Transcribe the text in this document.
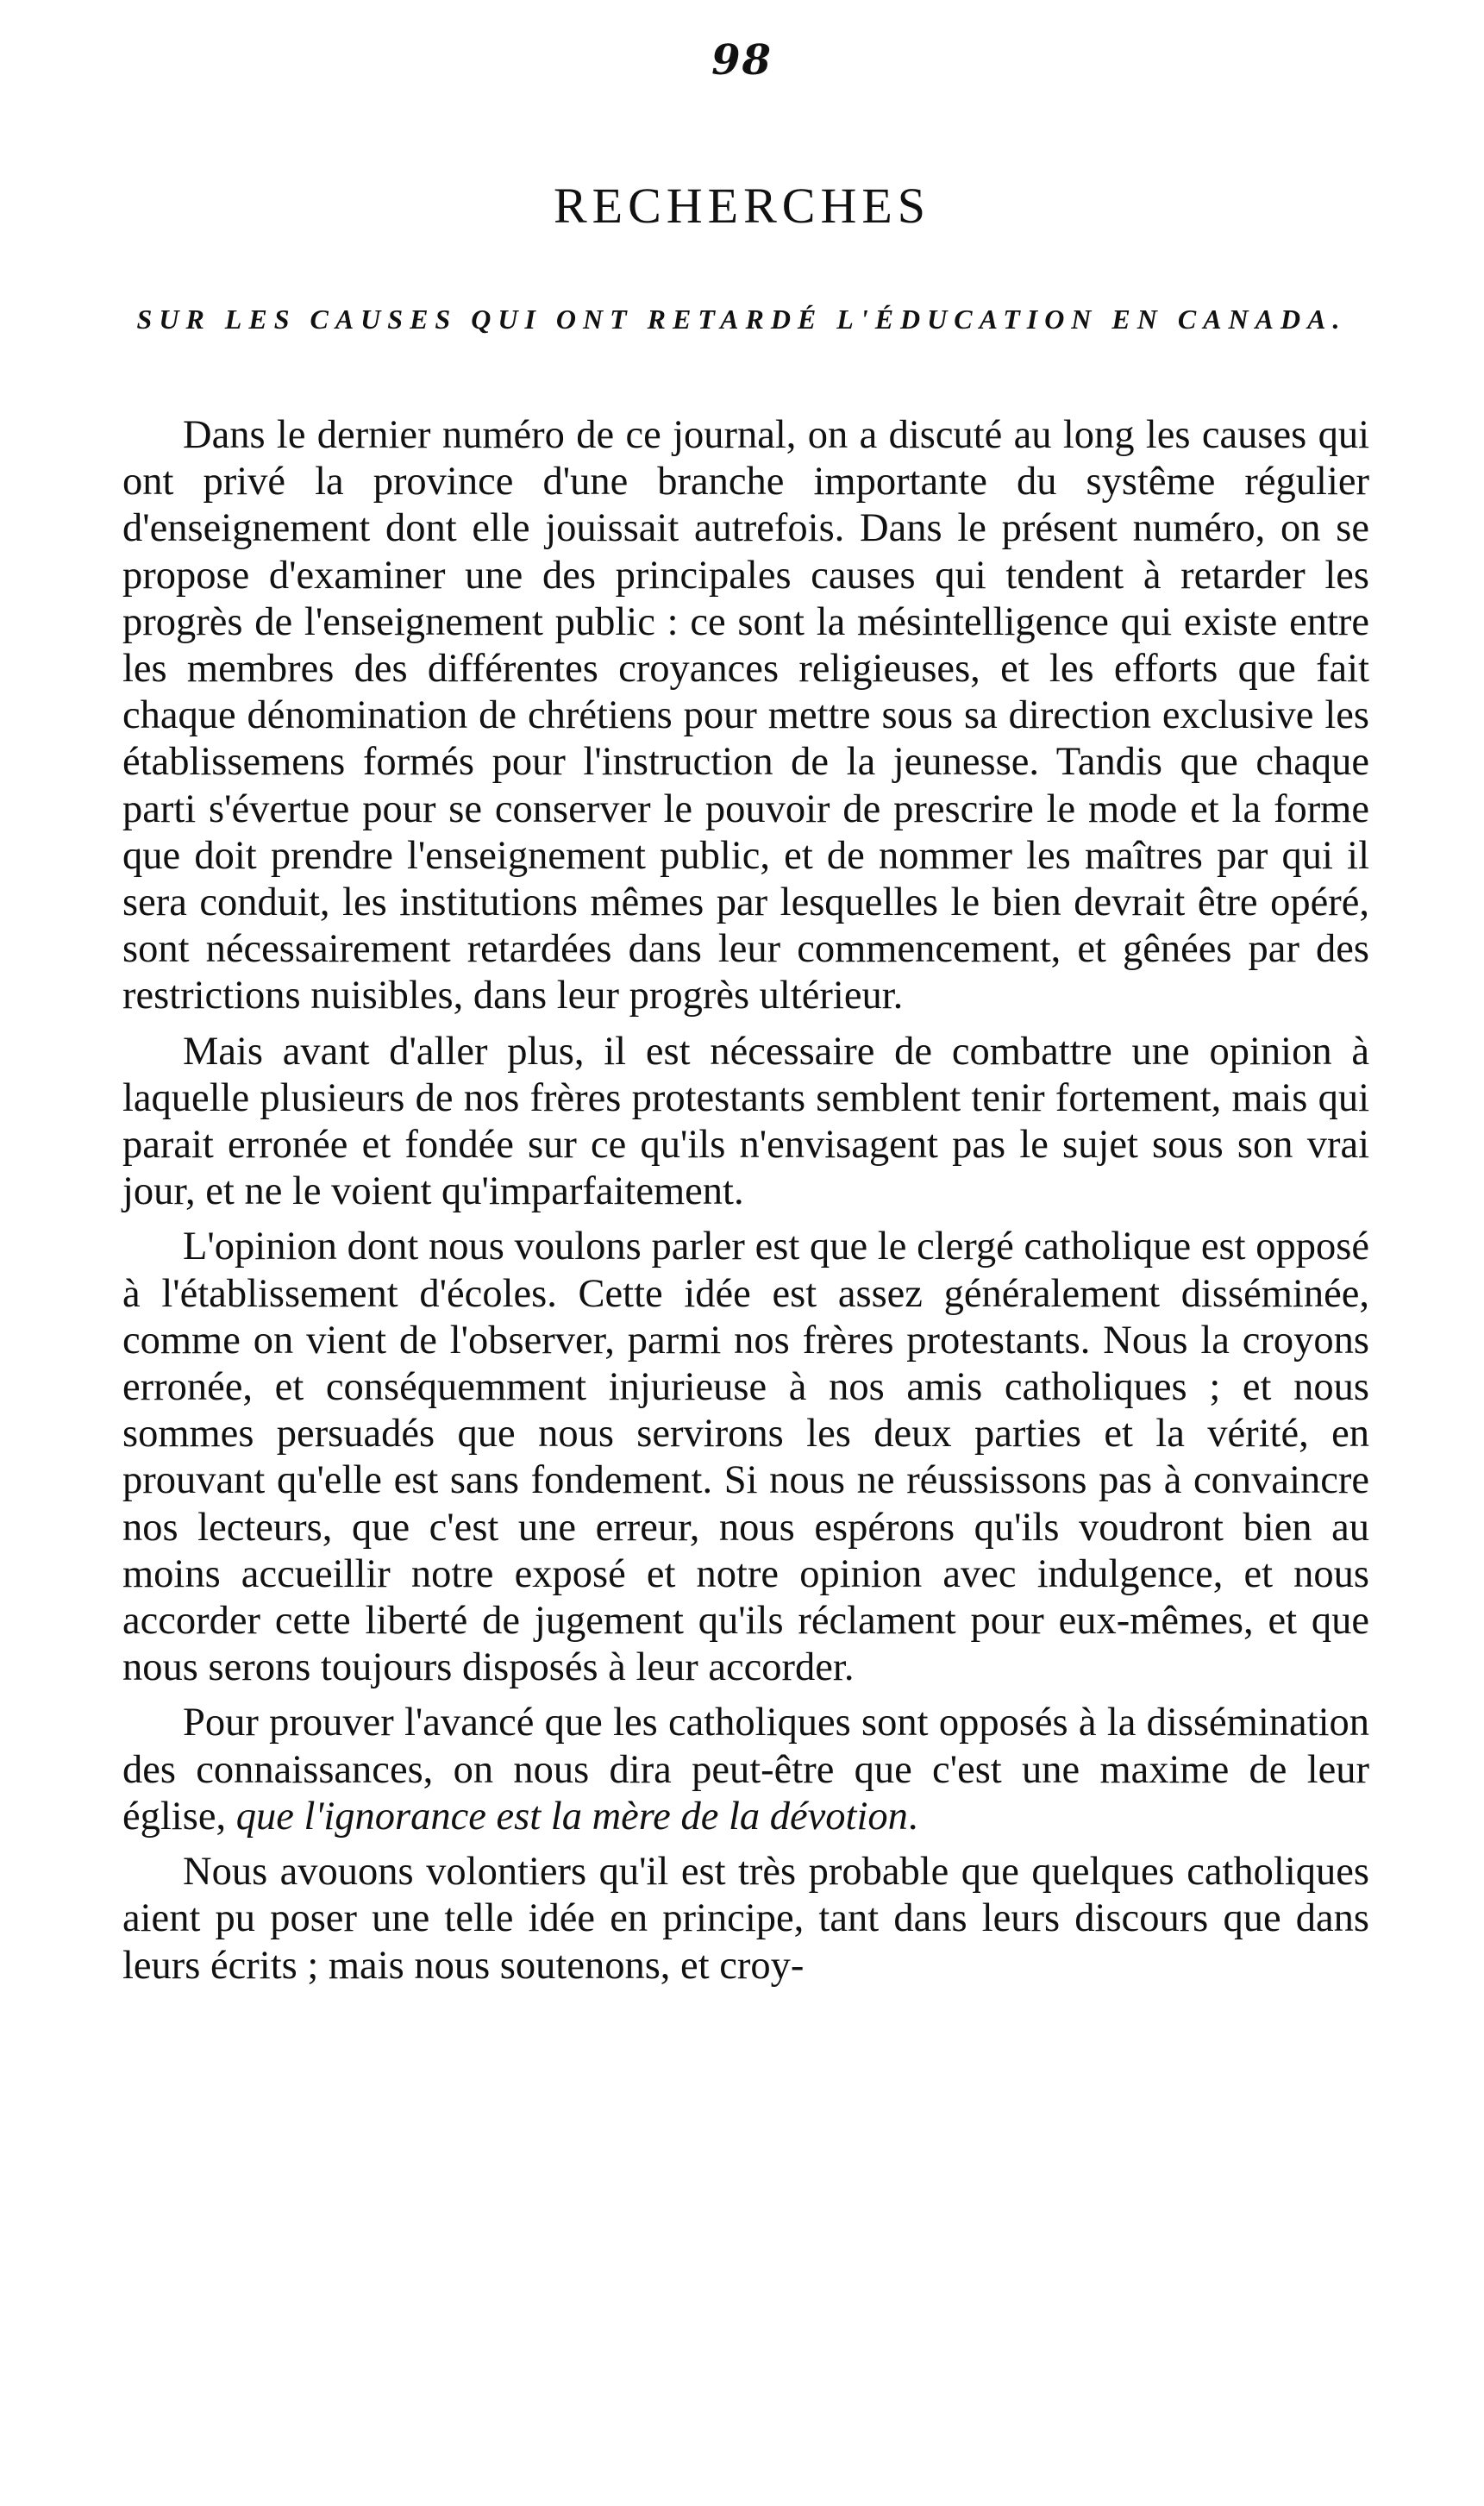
98
RECHERCHES
SUR LES CAUSES QUI ONT RETARDÉ L'ÉDUCATION EN CANADA.

Dans le dernier numéro de ce journal, on a discuté au long les causes qui ont privé la province d'une branche importante du systême régulier d'enseignement dont elle jouissait autrefois. Dans le présent numéro, on se propose d'examiner une des principales causes qui tendent à retarder les progrès de l'enseignement public : ce sont la mésintelligence qui existe entre les membres des différentes croyances religieuses, et les efforts que fait chaque dénomination de chrétiens pour mettre sous sa direction exclusive les établissemens formés pour l'instruction de la jeunesse. Tandis que chaque parti s'évertue pour se conserver le pouvoir de prescrire le mode et la forme que doit prendre l'enseignement public, et de nommer les maîtres par qui il sera conduit, les institutions mêmes par lesquelles le bien devrait être opéré, sont nécessairement retardées dans leur commencement, et gênées par des restrictions nuisibles, dans leur progrès ultérieur.

Mais avant d'aller plus, il est nécessaire de combattre une opinion à laquelle plusieurs de nos frères protestants semblent tenir fortement, mais qui parait erronée et fondée sur ce qu'ils n'envisagent pas le sujet sous son vrai jour, et ne le voient qu'imparfaitement.

L'opinion dont nous voulons parler est que le clergé catholique est opposé à l'établissement d'écoles. Cette idée est assez généralement disséminée, comme on vient de l'observer, parmi nos frères protestants. Nous la croyons erronée, et conséquemment injurieuse à nos amis catholiques ; et nous sommes persuadés que nous servirons les deux parties et la vérité, en prouvant qu'elle est sans fondement. Si nous ne réussissons pas à convaincre nos lecteurs, que c'est une erreur, nous espérons qu'ils voudront bien au moins accueillir notre exposé et notre opinion avec indulgence, et nous accorder cette liberté de jugement qu'ils réclament pour eux-mêmes, et que nous serons toujours disposés à leur accorder.

Pour prouver l'avancé que les catholiques sont opposés à la dissémination des connaissances, on nous dira peut-être que c'est une maxime de leur église, que l'ignorance est la mère de la dévotion.

Nous avouons volontiers qu'il est très probable que quelques catholiques aient pu poser une telle idée en principe, tant dans leurs discours que dans leurs écrits ; mais nous soutenons, et croy-
